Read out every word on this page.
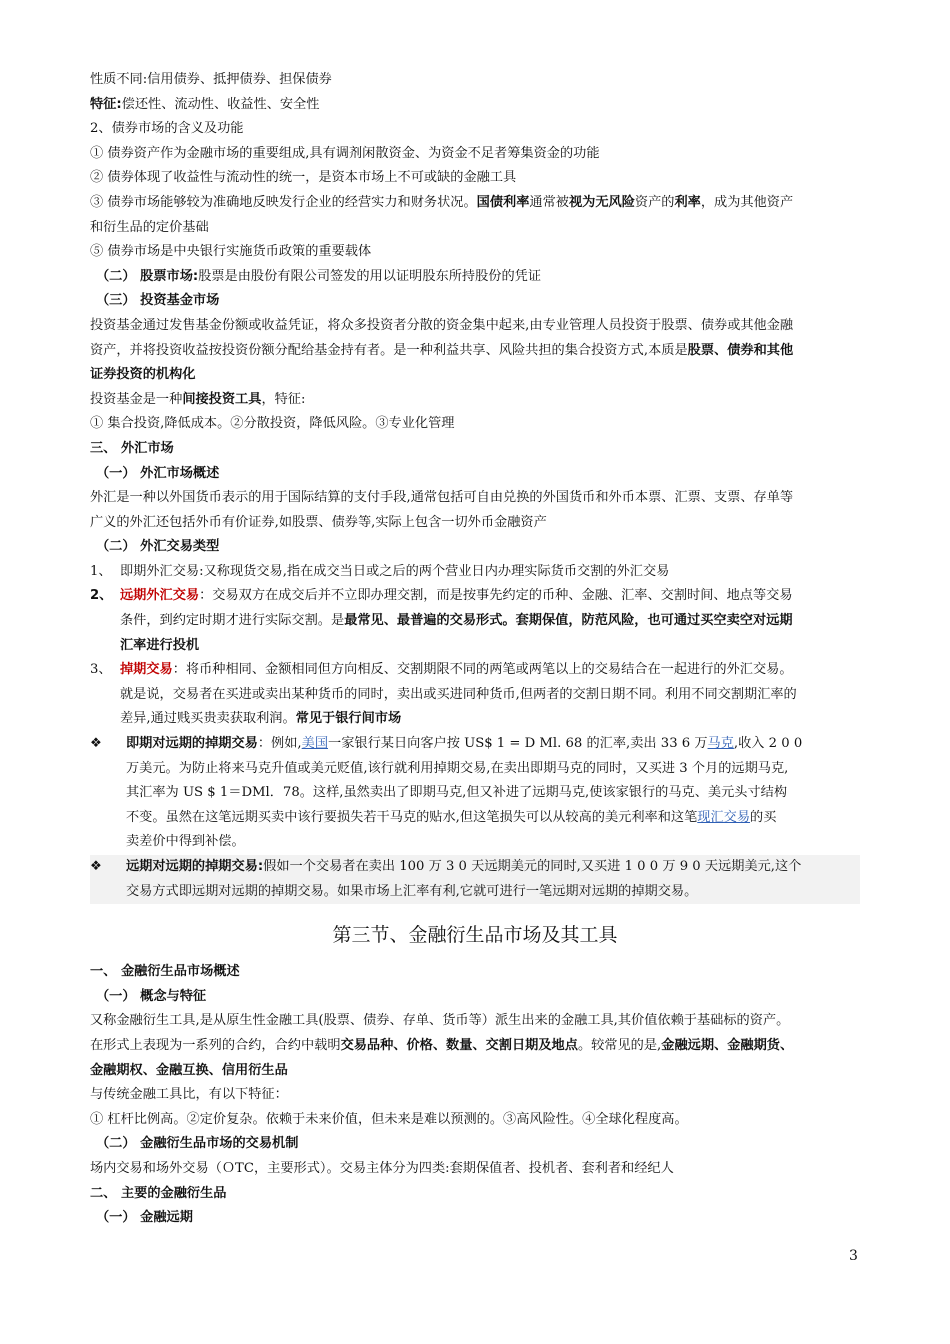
性质不同:信用债券、抵押债券、担保债券
特征:偿还性、流动性、收益性、安全性
2、债券市场的含义及功能
① 债券资产作为金融市场的重要组成,具有调剂闲散资金、为资金不足者筹集资金的功能
② 债券体现了收益性与流动性的统一，是资本市场上不可或缺的金融工具
③ 债券市场能够较为准确地反映发行企业的经营实力和财务状况。国债利率通常被视为无风险资产的利率，成为其他资产
和衍生品的定价基础
⑤ 债券市场是中央银行实施货币政策的重要载体
（二） 股票市场:股票是由股份有限公司签发的用以证明股东所持股份的凭证
（三） 投资基金市场
投资基金通过发售基金份额或收益凭证，将众多投资者分散的资金集中起来,由专业管理人员投资于股票、债券或其他金融
资产，并将投资收益按投资份额分配给基金持有者。是一种利益共享、风险共担的集合投资方式,本质是股票、债券和其他
证券投资的机构化
投资基金是一种间接投资工具，特征:
① 集合投资,降低成本。②分散投资，降低风险。③专业化管理
三、 外汇市场
（一） 外汇市场概述
外汇是一种以外国货币表示的用于国际结算的支付手段,通常包括可自由兑换的外国货币和外币本票、汇票、支票、存单等
广义的外汇还包括外币有价证券,如股票、债券等,实际上包含一切外币金融资产
（二） 外汇交易类型
1、 即期外汇交易:又称现货交易,指在成交当日或之后的两个营业日内办理实际货币交割的外汇交易
2、 远期外汇交易：交易双方在成交后并不立即办理交割，而是按事先约定的币种、金融、汇率、交割时间、地点等交易
条件，到约定时期才进行实际交割。是最常见、最普遍的交易形式。套期保值，防范风险，也可通过买空卖空对远期
汇率进行投机
3、 掉期交易：将币种相同、金额相同但方向相反、交割期限不同的两笔或两笔以上的交易结合在一起进行的外汇交易。
就是说，交易者在买进或卖出某种货币的同时，卖出或买进同种货币,但两者的交割日期不同。利用不同交割期汇率的
差异,通过贱买贵卖获取利润。常见于银行间市场
❖ 即期对远期的掉期交易：例如,美国一家银行某日向客户按 US$ 1 = D Ml. 68 的汇率,卖出 33 6 万马克,收入 2 0 0
万美元。为防止将来马克升值或美元贬值,该行就利用掉期交易,在卖出即期马克的同时，又买进 3 个月的远期马克,
其汇率为 US $ 1＝DMl．78。这样,虽然卖出了即期马克,但又补进了远期马克,使该家银行的马克、美元头寸结构
不变。虽然在这笔远期买卖中该行要损失若干马克的贴水,但这笔损失可以从较高的美元利率和这笔现汇交易的买
卖差价中得到补偿。
❖ 远期对远期的掉期交易:假如一个交易者在卖出 100 万 3 0 天远期美元的同时,又买进 1 0 0 万 9 0 天远期美元,这个
交易方式即远期对远期的掉期交易。如果市场上汇率有利,它就可进行一笔远期对远期的掉期交易。
第三节、金融衍生品市场及其工具
一、 金融衍生品市场概述
（一） 概念与特征
又称金融衍生工具,是从原生性金融工具(股票、债券、存单、货币等）派生出来的金融工具,其价值依赖于基础标的资产。
在形式上表现为一系列的合约，合约中载明交易品种、价格、数量、交割日期及地点。较常见的是,金融远期、金融期货、
金融期权、金融互换、信用衍生品
与传统金融工具比，有以下特征：
① 杠杆比例高。②定价复杂。依赖于未来价值，但未来是难以预测的。③高风险性。④全球化程度高。
（二） 金融衍生品市场的交易机制
场内交易和场外交易（ＯTC，主要形式）。交易主体分为四类:套期保值者、投机者、套利者和经纪人
二、 主要的金融衍生品
（一） 金融远期
3
